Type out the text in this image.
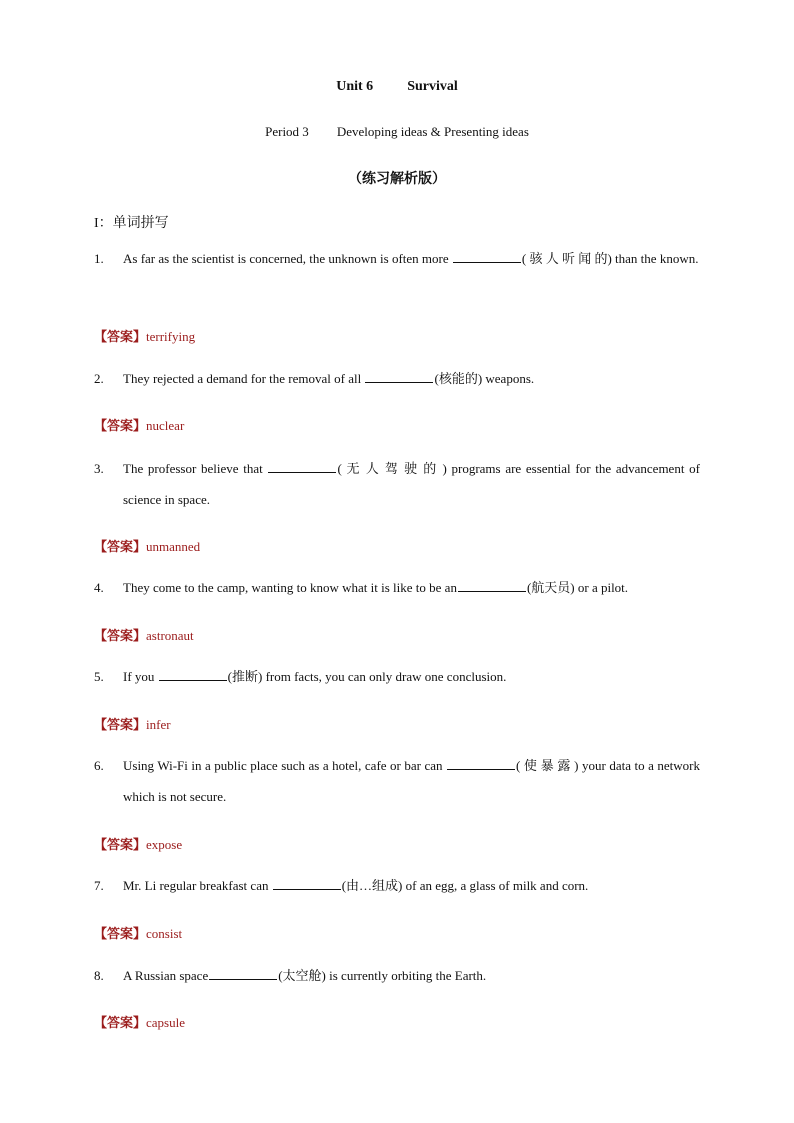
Unit 6 Survival
Period 3 Developing ideas & Presenting ideas
（练习解析版）
I：单词拼写
1. As far as the scientist is concerned, the unknown is often more	( 骇 人 听 闻 的) than the known.
【答案】terrifying
2. They rejected a demand for the removal of all	(核能的) weapons.
【答案】nuclear
3. The professor believe that	( 无 人 驾 驶 的 ) programs are essential for the advancement of science in space.
【答案】unmanned
4. They come to the camp, wanting to know what it is like to be an	(航天员) or a pilot.
【答案】astronaut
5. If you	(推断) from facts, you can only draw one conclusion.
【答案】infer
6. Using Wi-Fi in a public place such as a hotel, cafe or bar can	( 使 暴 露 ) your data to a network which is not secure.
【答案】expose
7. Mr. Li regular breakfast can	(由…组成) of an egg, a glass of milk and corn.
【答案】consist
8. A Russian space	(太空舱) is currently orbiting the Earth.
【答案】capsule
